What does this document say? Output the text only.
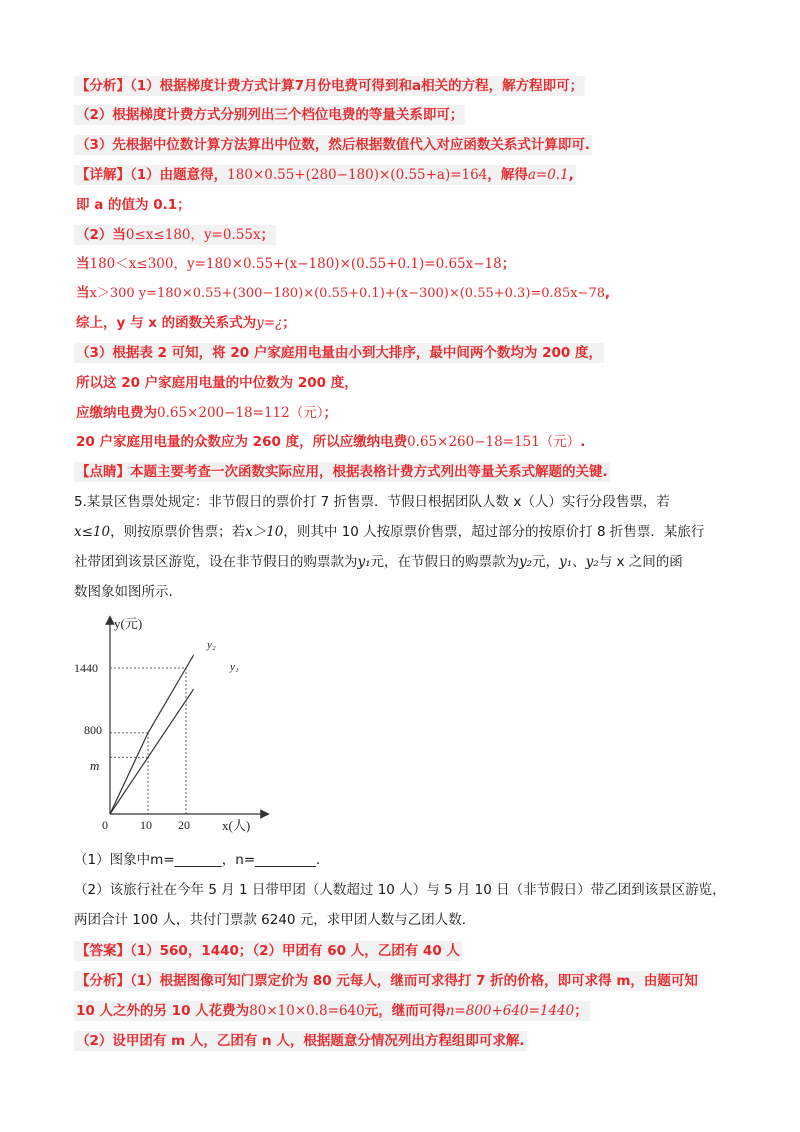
【分析】（1）根据梯度计费方式计算7月份电费可得到和a相关的方程，解方程即可；
（2）根据梯度计费方式分别列出三个档位电费的等量关系即可；
（3）先根据中位数计算方法算出中位数，然后根据数值代入对应函数关系式计算即可.
【详解】（1）由题意得，180×0.55+(280−180)×(0.55+a)=164，解得a=0.1,
即 a 的值为 0.1；
（2）当0≤x≤180，y=0.55x；
当180＜x≤300，y=180×0.55+(x−180)×(0.55+0.1)=0.65x−18；
当x＞300 y=180×0.55+(300−180)×(0.55+0.1)+(x−300)×(0.55+0.3)=0.85x−78,
综上，y 与 x 的函数关系式为y=¿；
（3）根据表 2 可知，将 20 户家庭用电量由小到大排序，最中间两个数均为 200 度，
所以这 20 户家庭用电量的中位数为 200 度，
应缴纳电费为0.65×200−18=112（元）；
20 户家庭用电量的众数应为 260 度，所以应缴纳电费0.65×260−18=151（元）.
【点睛】本题主要考查一次函数实际应用，根据表格计费方式列出等量关系式解题的关键.
5.某景区售票处规定：非节假日的票价打 7 折售票．节假日根据团队人数 x（人）实行分段售票，若
x≤10，则按原票价售票；若x＞10，则其中 10 人按原票价售票，超过部分的按原价打 8 折售票．某旅行
社带团到该景区游览，设在非节假日的购票款为y₁元，在节假日的购票款为y₂元，y₁、y₂与 x 之间的函
数图象如图所示.
y(元)
x(人)
0
1440
800
m
10 20
y₂
y₁
（1）图象中m=_______，n=_________.
（2）该旅行社在今年 5 月 1 日带甲团（人数超过 10 人）与 5 月 10 日（非节假日）带乙团到该景区游览，
两团合计 100 人，共付门票款 6240 元，求甲团人数与乙团人数.
【答案】（1）560，1440；（2）甲团有 60 人，乙团有 40 人
【分析】（1）根据图像可知门票定价为 80 元每人，继而可求得打 7 折的价格，即可求得 m，由题可知
10 人之外的另 10 人花费为80×10×0.8=640元，继而可得n=800+640=1440；
（2）设甲团有 m 人，乙团有 n 人，根据题意分情况列出方程组即可求解.
